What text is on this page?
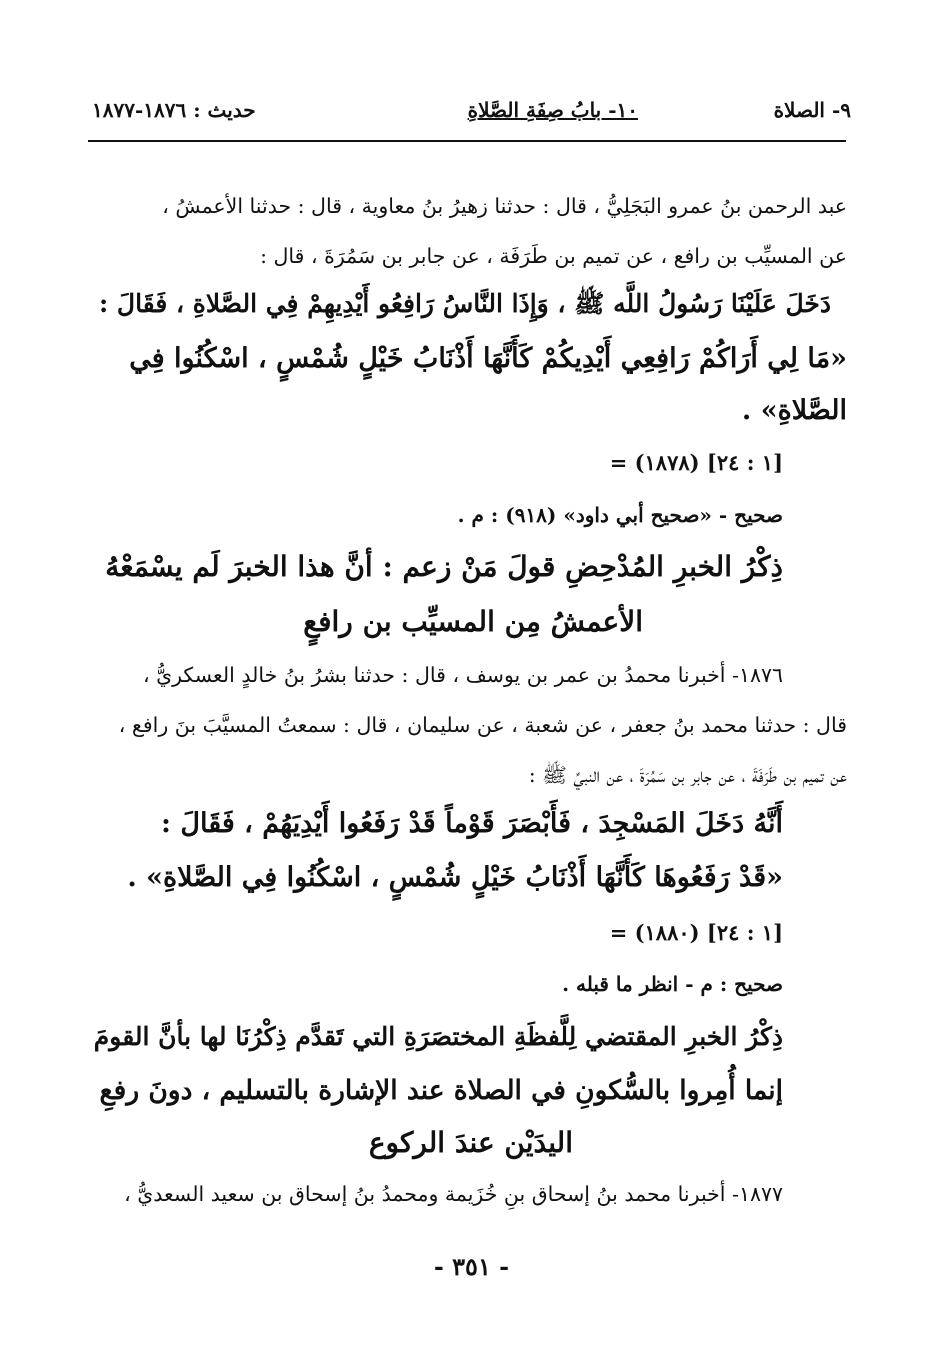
٩- الصلاة
١٠- بابُ صِفَةِ الصَّلاةِ
حديث : ١٨٧٦-١٨٧٧
عبد الرحمن بنُ عمرو البَجَلِيُّ ، قال : حدثنا زهيرُ بنُ معاوية ، قال : حدثنا الأعمشُ ،
عن المسيِّب بن رافع ، عن تميم بن طَرَفَة ، عن جابر بن سَمُرَةَ ، قال :
دَخَلَ عَلَيْنَا رَسُولُ اللَّه ﷺ ، وَإِذَا النَّاسُ رَافِعُو أَيْدِيهِمْ فِي الصَّلاةِ ، فَقَالَ :
«مَا لِي أَرَاكُمْ رَافِعِي أَيْدِيكُمْ كَأَنَّهَا أَذْنَابُ خَيْلٍ شُمْسٍ ، اسْكُنُوا فِي
الصَّلاةِ» .
= (١٨٧٨) [١ : ٢٤]
صحيح - «صحيح أبي داود» (٩١٨) : م .
ذِكْرُ الخبرِ المُدْحِضِ قولَ مَنْ زعم : أنَّ هذا الخبرَ لَم يسْمَعْهُ
الأعمشُ مِن المسيِّب بن رافعٍ
١٨٧٦- أخبرنا محمدُ بن عمر بن يوسف ، قال : حدثنا بشرُ بنُ خالدٍ العسكريُّ ،
قال : حدثنا محمد بنُ جعفر ، عن شعبة ، عن سليمان ، قال : سمعتُ المسيَّبَ بنَ رافع ،
عن تميم بن طَرَفَةَ ، عن جابر بن سَمُرَةَ ، عن النبيِّ ﷺ :
أَنَّهُ دَخَلَ المَسْجِدَ ، فَأَبْصَرَ قَوْماً قَدْ رَفَعُوا أَيْدِيَهُمْ ، فَقَالَ :
«قَدْ رَفَعُوهَا كَأَنَّهَا أَذْنَابُ خَيْلٍ شُمْسٍ ، اسْكُنُوا فِي الصَّلاةِ» .
= (١٨٨٠) [١ : ٢٤]
صحيح : م - انظر ما قبله .
ذِكْرُ الخبرِ المقتضي لِلَّفظَةِ المختصَرَةِ التي تَقدَّم ذِكْرُنَا لها بأنَّ القومَ
إنما أُمِروا بالسُّكونِ في الصلاة عند الإشارة بالتسليم ، دونَ رفعِ
اليدَيْن عندَ الركوع
١٨٧٧- أخبرنا محمد بنُ إسحاق بنِ خُزَيمة ومحمدُ بنُ إسحاق بن سعيد السعديُّ ،
- ٣٥١ -
